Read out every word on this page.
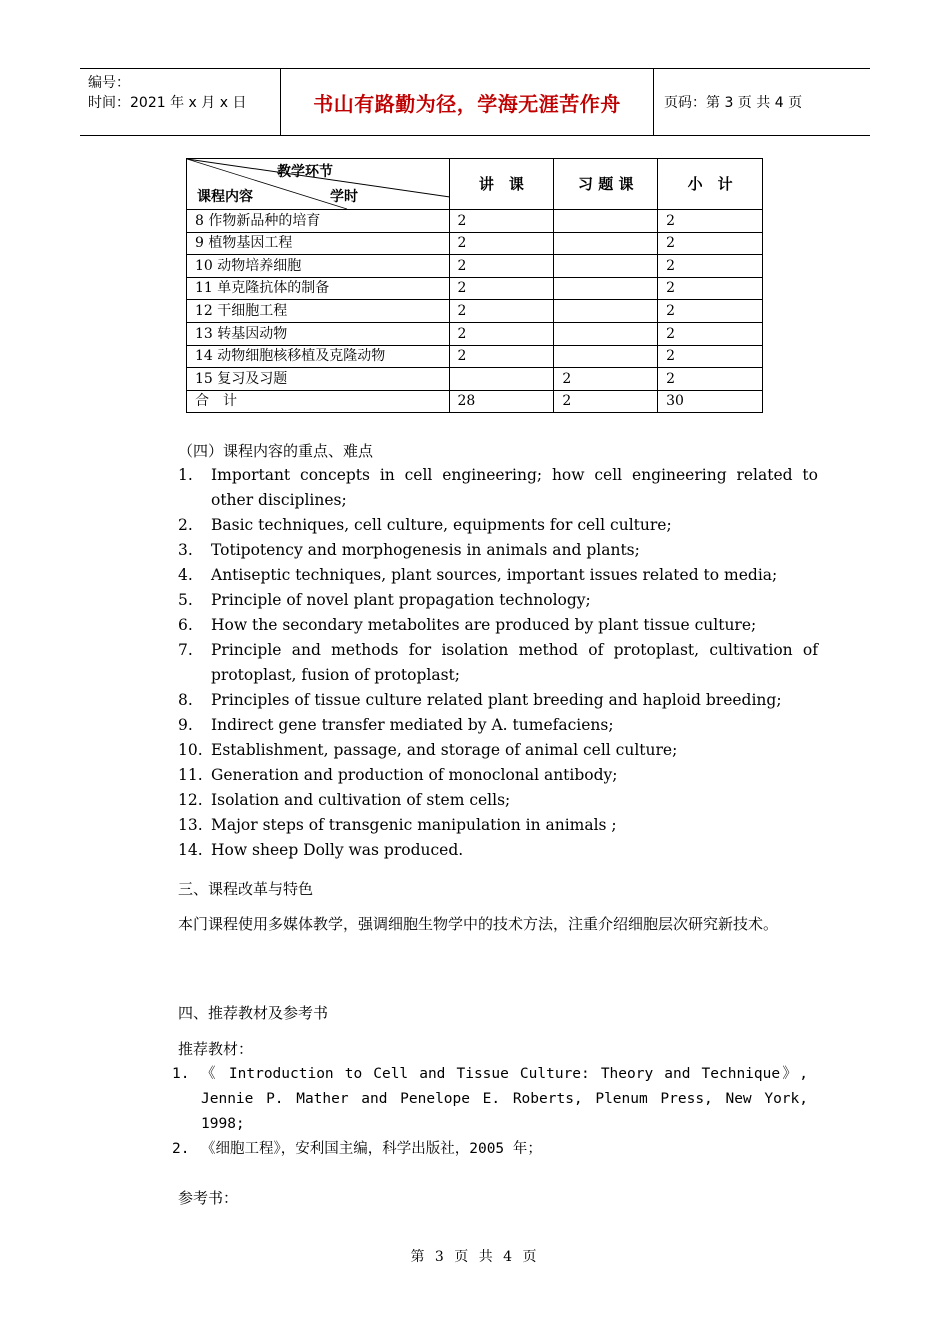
编号：
时间：2021 年 x 月 x 日	书山有路勤为径，学海无涯苦作舟	页码：第 3 页 共 4 页
教学环节
课程内容 学时	讲　课	习 题 课	小　计
8 作物新品种的培育	2		2
9 植物基因工程	2		2
10 动物培养细胞	2		2
11 单克隆抗体的制备	2		2
12 干细胞工程	2		2
13 转基因动物	2		2
14 动物细胞核移植及克隆动物	2		2
15 复习及习题		2	2
合　计	28	2	30
（四）课程内容的重点、难点
1.	Important concepts in cell engineering; how cell engineering related to other disciplines;
2.	Basic techniques, cell culture, equipments for cell culture;
3.	Totipotency and morphogenesis in animals and plants;
4.	Antiseptic techniques, plant sources, important issues related to media;
5.	Principle of novel plant propagation technology;
6.	How the secondary metabolites are produced by plant tissue culture;
7.	Principle and methods for isolation method of protoplast, cultivation of protoplast, fusion of protoplast;
8.	Principles of tissue culture related plant breeding and haploid breeding;
9.	Indirect gene transfer mediated by A. tumefaciens;
10. Establishment, passage, and storage of animal cell culture;
11. Generation and production of monoclonal antibody;
12. Isolation and cultivation of stem cells;
13. Major steps of transgenic manipulation in animals ;
14. How sheep Dolly was produced.
三、课程改革与特色
本门课程使用多媒体教学，强调细胞生物学中的技术方法，注重介绍细胞层次研究新技术。
四、推荐教材及参考书
推荐教材：
1. 《 Introduction to Cell and Tissue Culture: Theory and Technique》, Jennie P. Mather and Penelope E. Roberts, Plenum Press, New York, 1998;
2. 《细胞工程》，安利国主编，科学出版社，2005 年；
参考书：
第 3 页 共 4 页
